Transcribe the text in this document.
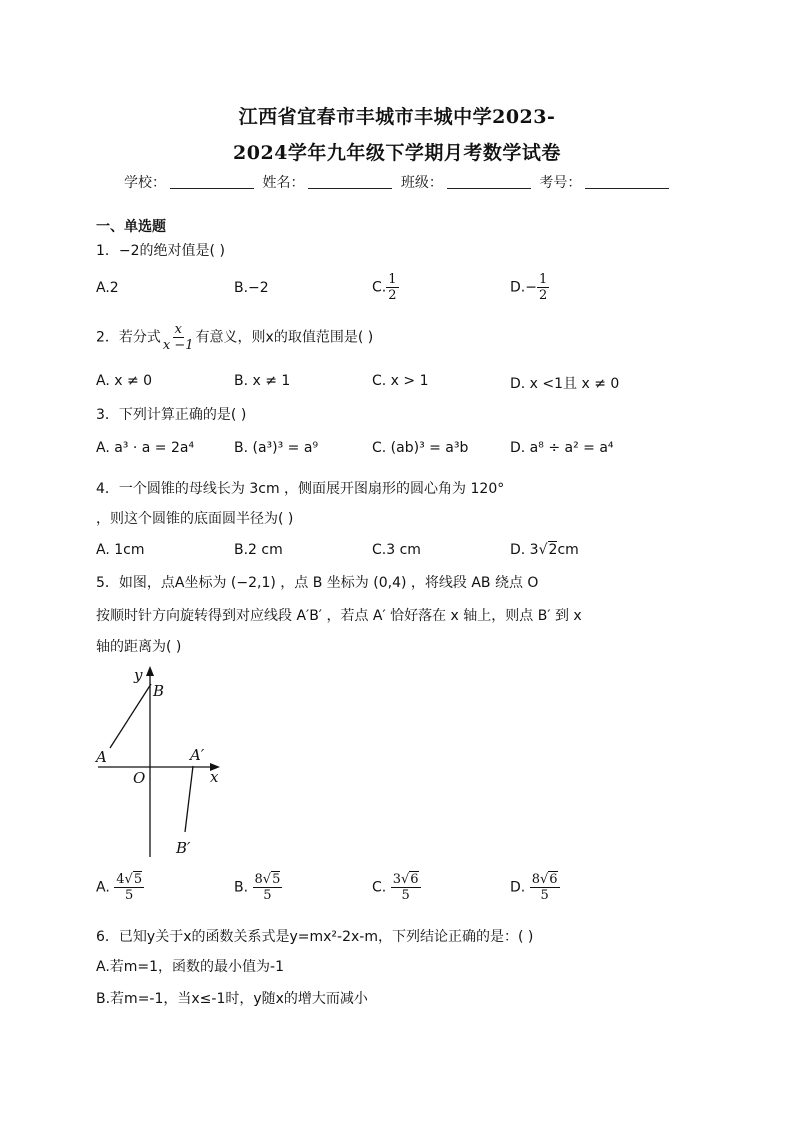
江西省宜春市丰城市丰城中学2023-
2024学年九年级下学期月考数学试卷
学校：	姓名：	班级：	考号：
一、单选题
1．−2的绝对值是( )
A.2	B.−2	C. $\frac{1}{2}$	$D.- \frac{1}{2}$
2．若分式 $\frac{x}{x -1}$ 有意义，则x的取值范围是( )
A. x ≠ 0	B. x ≠ 1	C. x > 1	D. x <1且 x ≠ 0
3．下列计算正确的是( )
A. a³ · a = 2a⁴	B. (a³)³ = a⁹	C. (ab)³ = a³b	D. a⁸ ÷ a² = a⁴
4．一个圆锥的母线长为 3cm ，侧面展开图扇形的圆心角为 120°
，则这个圆锥的底面圆半径为( )
A. 1cm	B.2 cm	C.3 cm	D. 3√2cm
5．如图，点A坐标为 (−2,1) ，点 B 坐标为 (0,4) ，将线段 AB 绕点 O
按顺时针方向旋转得到对应线段 A′B′ ，若点 A′ 恰好落在 x 轴上，则点 B′ 到 x
轴的距离为( )
y
B
A	A′
O	x
B′
A. $\frac{4√5}{5}$	B. $\frac{8√5}{5}$	C. $\frac{3√6}{5}$	D. $\frac{8√6}{5}$
6．已知y关于x的函数关系式是y=mx²-2x-m，下列结论正确的是：( )
A.若m=1，函数的最小值为-1
B.若m=-1，当x≤-1时，y随x的增大而减小
